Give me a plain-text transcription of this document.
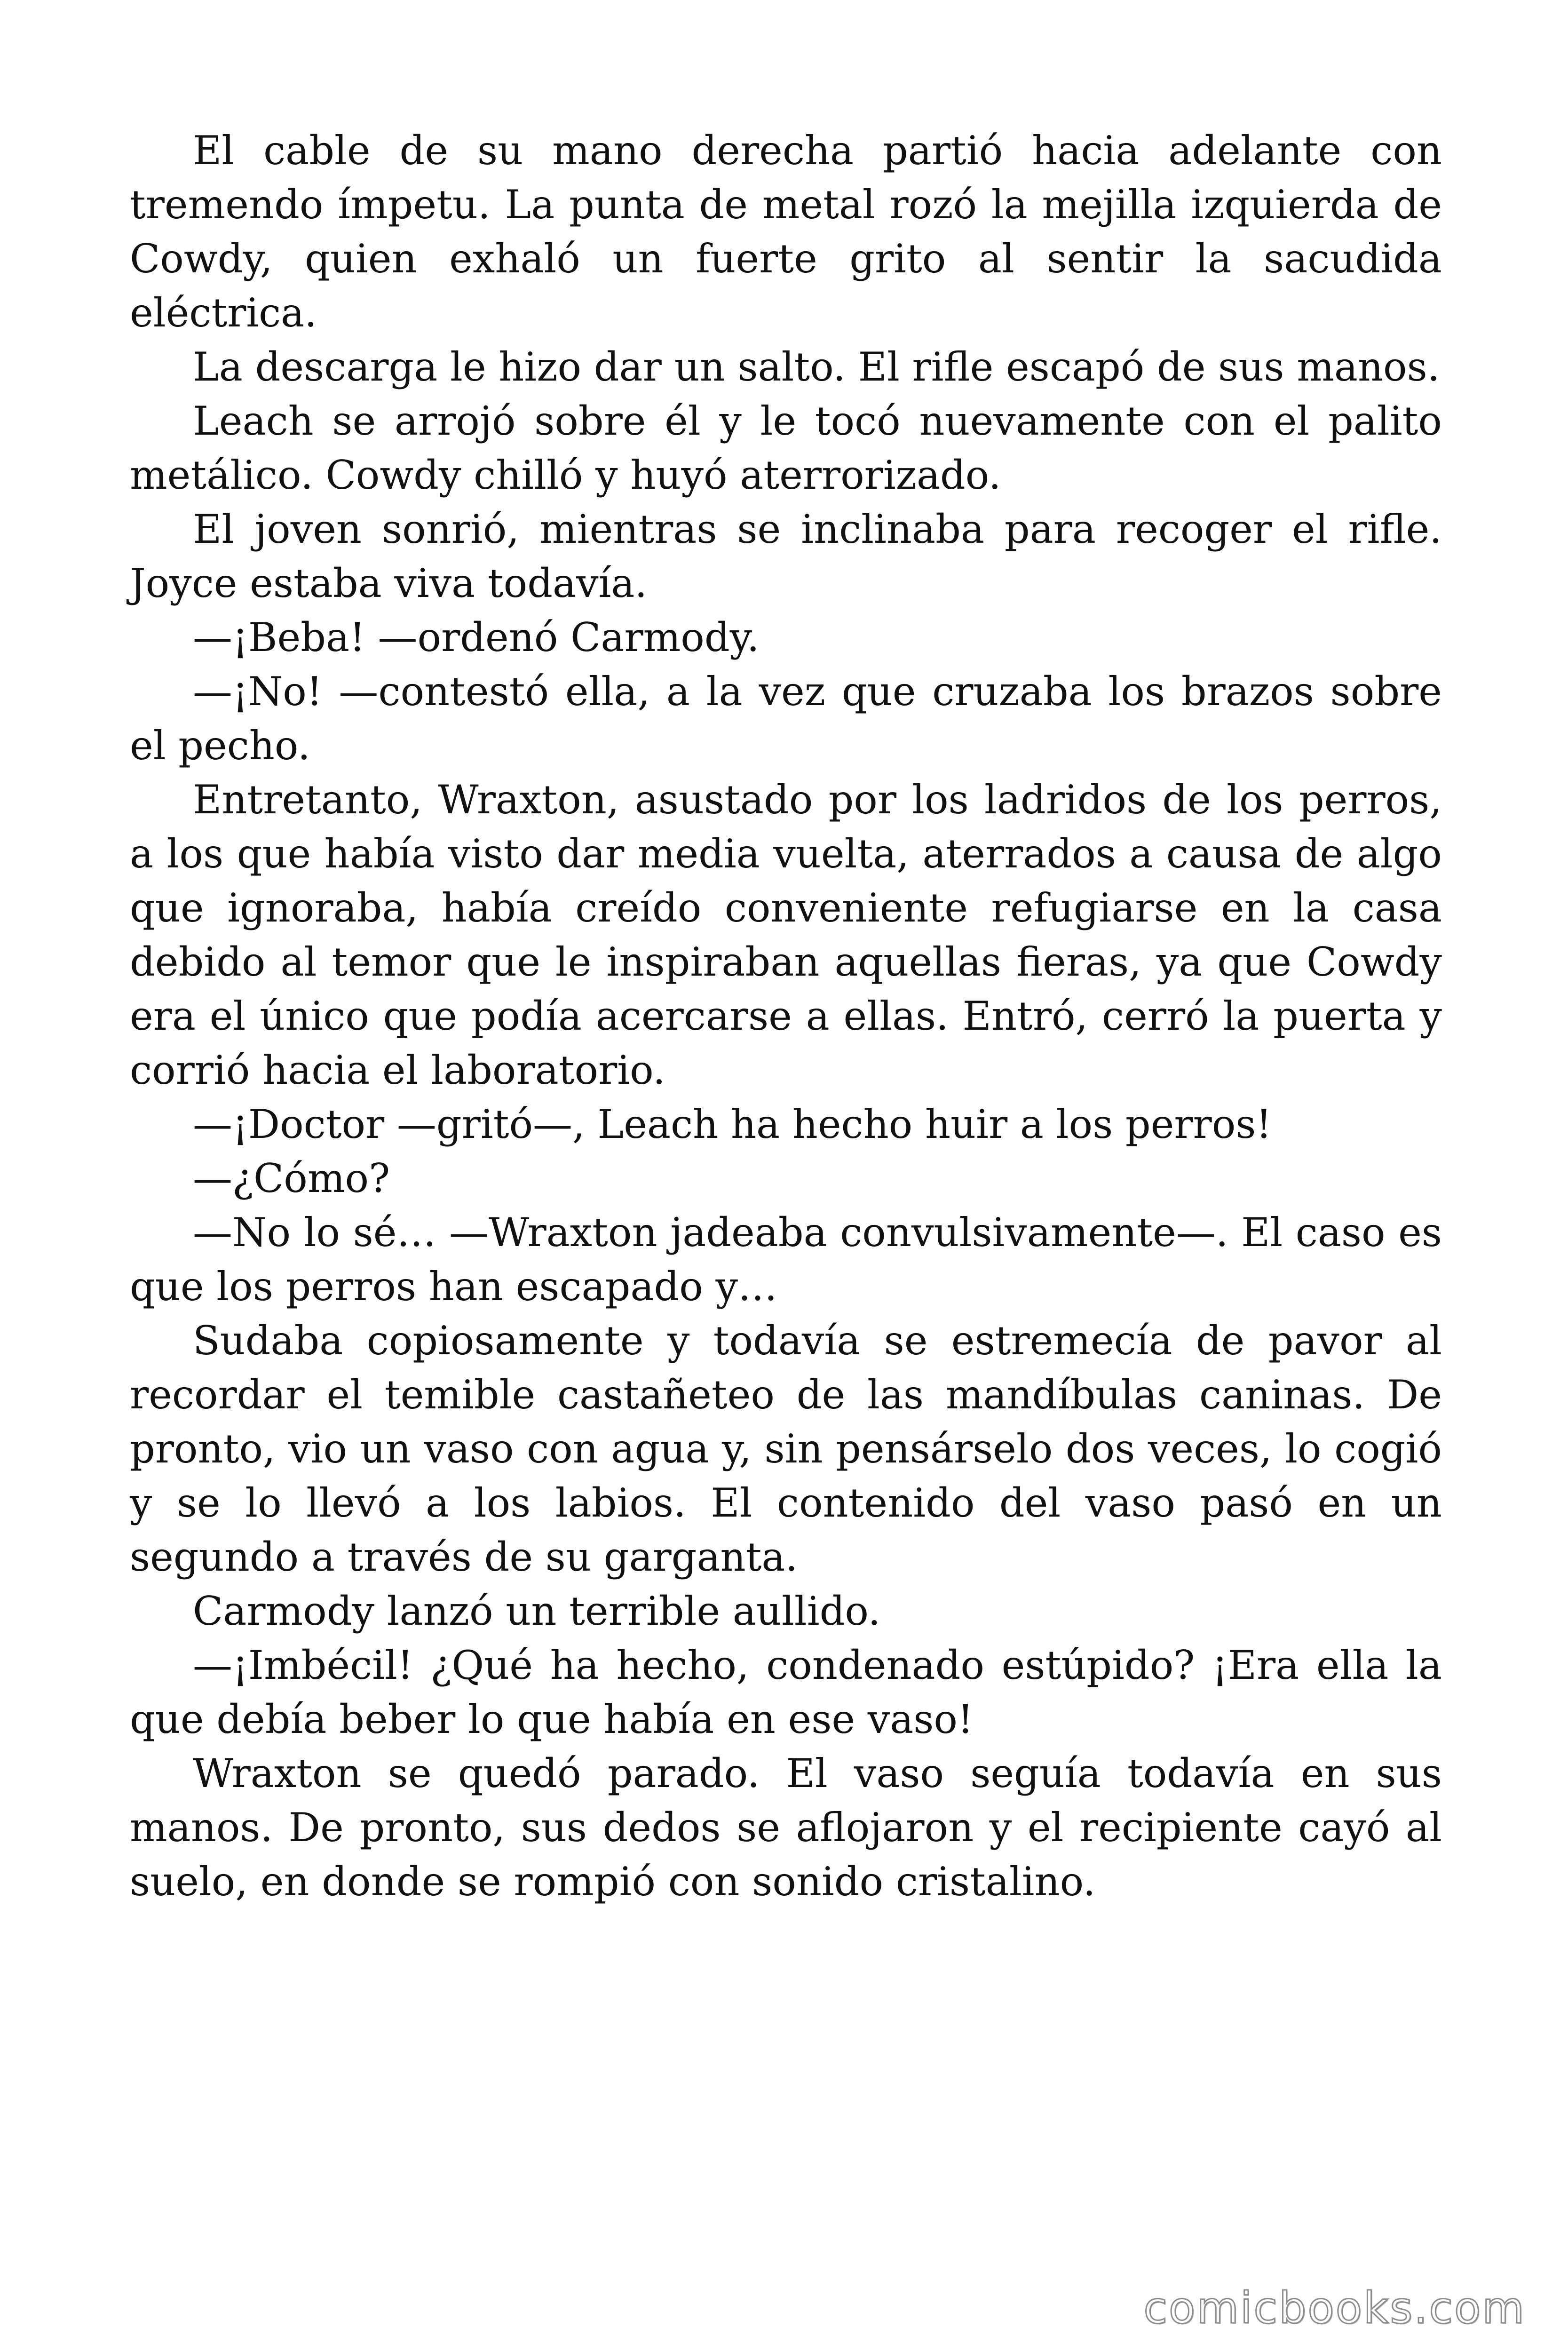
El cable de su mano derecha partió hacia adelante con tremendo ímpetu. La punta de metal rozó la mejilla izquierda de Cowdy, quien exhaló un fuerte grito al sentir la sacudida eléctrica.

La descarga le hizo dar un salto. El rifle escapó de sus manos.

Leach se arrojó sobre él y le tocó nuevamente con el palito metálico. Cowdy chilló y huyó aterrorizado.

El joven sonrió, mientras se inclinaba para recoger el rifle. Joyce estaba viva todavía.

—¡Beba! —ordenó Carmody.

—¡No! —contestó ella, a la vez que cruzaba los brazos sobre el pecho.

Entretanto, Wraxton, asustado por los ladridos de los perros, a los que había visto dar media vuelta, aterrados a causa de algo que ignoraba, había creído conveniente refugiarse en la casa debido al temor que le inspiraban aquellas fieras, ya que Cowdy era el único que podía acercarse a ellas. Entró, cerró la puerta y corrió hacia el laboratorio.

—¡Doctor —gritó—, Leach ha hecho huir a los perros!

—¿Cómo?

—No lo sé… —Wraxton jadeaba convulsivamente—. El caso es que los perros han escapado y…

Sudaba copiosamente y todavía se estremecía de pavor al recordar el temible castañeteo de las mandíbulas caninas. De pronto, vio un vaso con agua y, sin pensárselo dos veces, lo cogió y se lo llevó a los labios. El contenido del vaso pasó en un segundo a través de su garganta.

Carmody lanzó un terrible aullido.

—¡Imbécil! ¿Qué ha hecho, condenado estúpido? ¡Era ella la que debía beber lo que había en ese vaso!

Wraxton se quedó parado. El vaso seguía todavía en sus manos. De pronto, sus dedos se aflojaron y el recipiente cayó al suelo, en donde se rompió con sonido cristalino.

comicbooks.com
